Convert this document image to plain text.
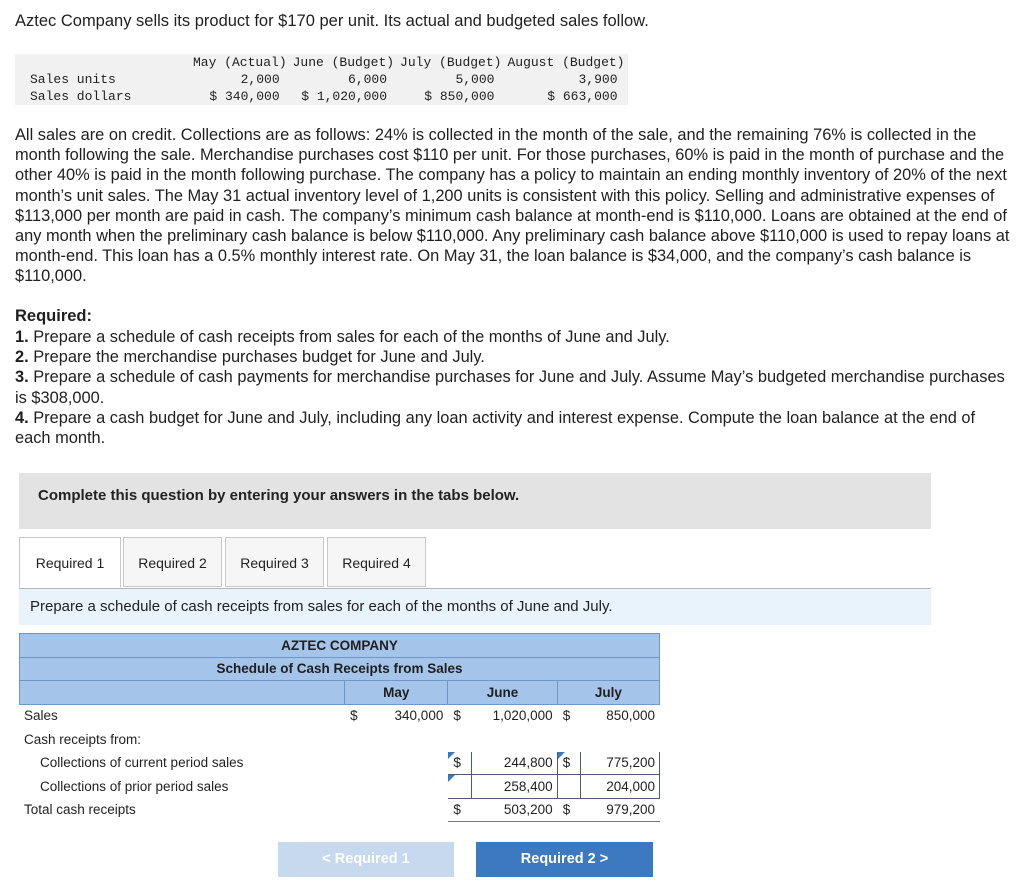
Aztec Company sells its product for $170 per unit. Its actual and budgeted sales follow.
	May (Actual)	June (Budget)	July (Budget)	August (Budget)
Sales units	2,000	6,000	5,000	3,900
Sales dollars	$ 340,000	$ 1,020,000	$ 850,000	$ 663,000
All sales are on credit. Collections are as follows: 24% is collected in the month of the sale, and the remaining 76% is collected in the month following the sale. Merchandise purchases cost $110 per unit. For those purchases, 60% is paid in the month of purchase and the other 40% is paid in the month following purchase. The company has a policy to maintain an ending monthly inventory of 20% of the next month’s unit sales. The May 31 actual inventory level of 1,200 units is consistent with this policy. Selling and administrative expenses of $113,000 per month are paid in cash. The company’s minimum cash balance at month-end is $110,000. Loans are obtained at the end of any month when the preliminary cash balance is below $110,000. Any preliminary cash balance above $110,000 is used to repay loans at month-end. This loan has a 0.5% monthly interest rate. On May 31, the loan balance is $34,000, and the company’s cash balance is $110,000.
Required:
1. Prepare a schedule of cash receipts from sales for each of the months of June and July.
2. Prepare the merchandise purchases budget for June and July.
3. Prepare a schedule of cash payments for merchandise purchases for June and July. Assume May’s budgeted merchandise purchases is $308,000.
4. Prepare a cash budget for June and July, including any loan activity and interest expense. Compute the loan balance at the end of each month.
Complete this question by entering your answers in the tabs below.
Required 1	Required 2	Required 3	Required 4
Prepare a schedule of cash receipts from sales for each of the months of June and July.
AZTEC COMPANY						
Schedule of Cash Receipts from Sales						
	May		June		July	
Sales	$	340,000	$	1,020,000	$	850,000
Cash receipts from:						
Collections of current period sales			$	244,800	$	775,200
Collections of prior period sales				258,400		204,000
Total cash receipts			$	503,200	$	979,200
< Required 1	Required 2 >
